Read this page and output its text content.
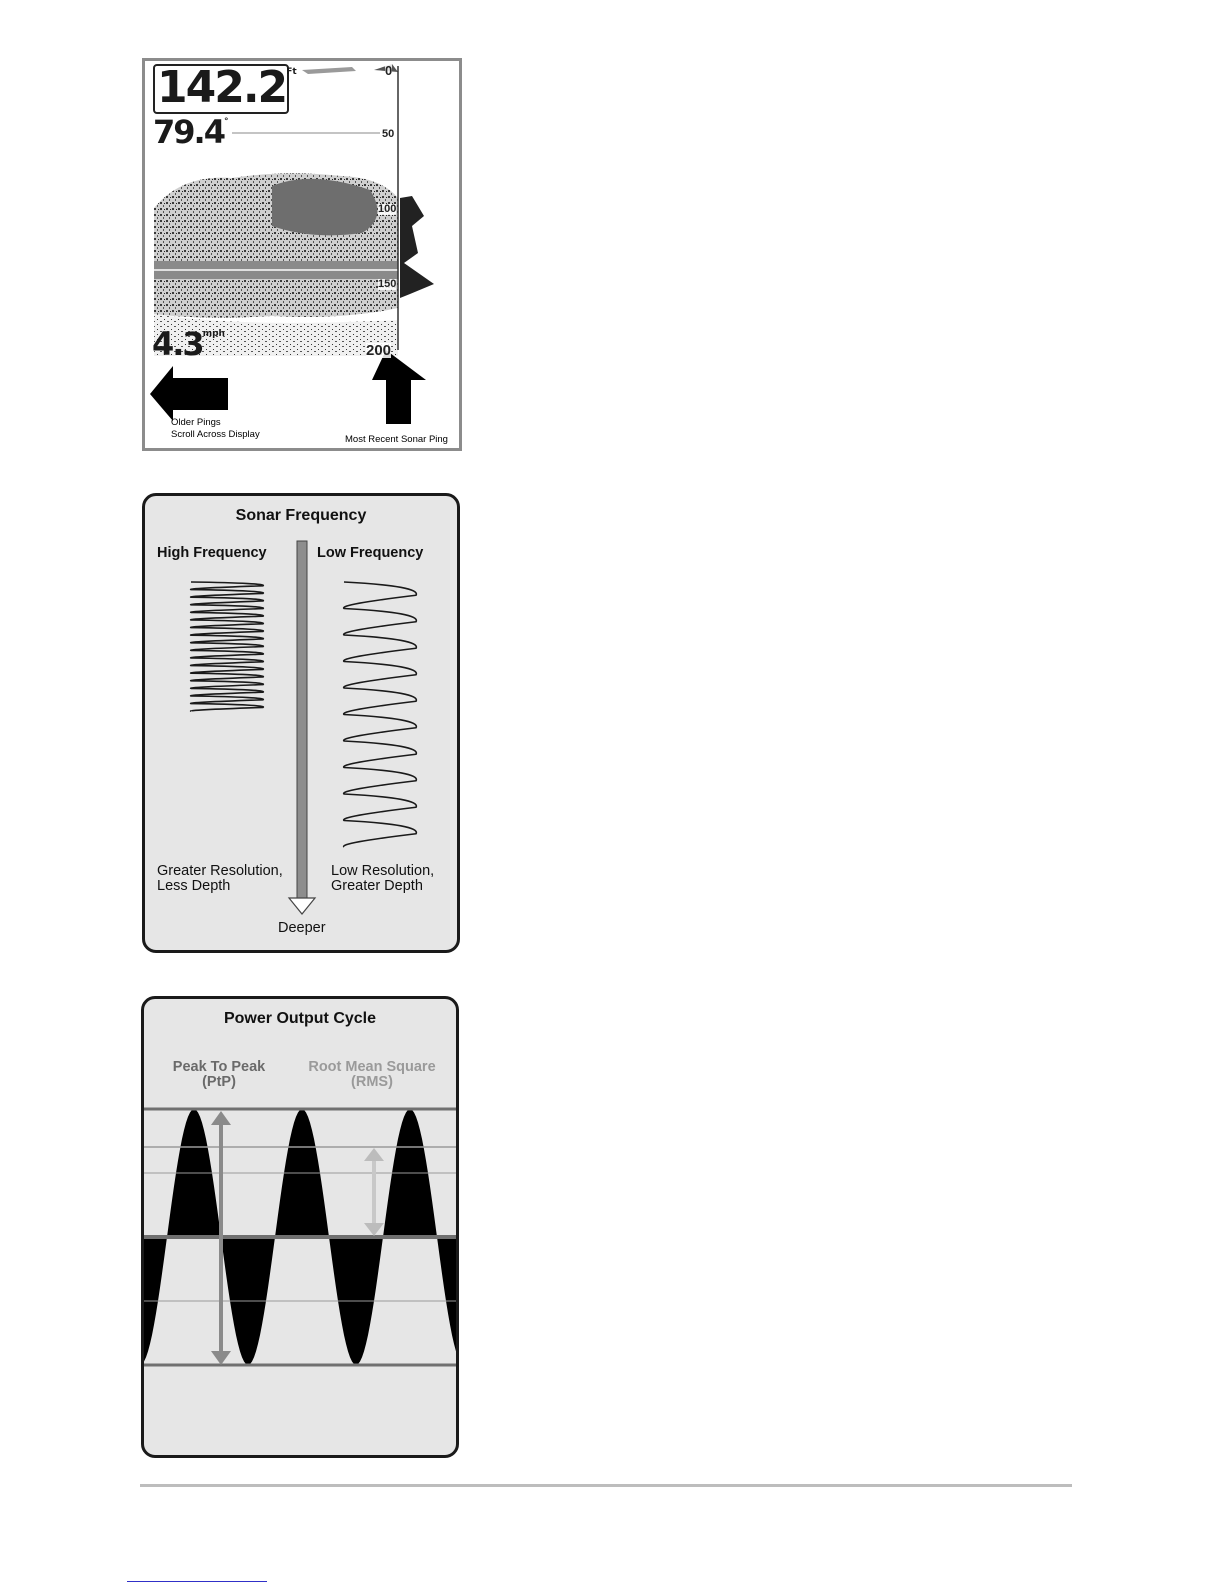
$142.2^{Ft}$
79.4°
$4.3^{mph}$
0
50
100
150
200
Older Pings
Scroll Across Display	Most Recent Sonar Ping
Sonar Frequency
High Frequency	Low Frequency
Greater Resolution,
Less Depth
Low Resolution,
Greater Depth
Deeper
Power Output Cycle
Peak To Peak
(PtP)
Root Mean Square
(RMS)
